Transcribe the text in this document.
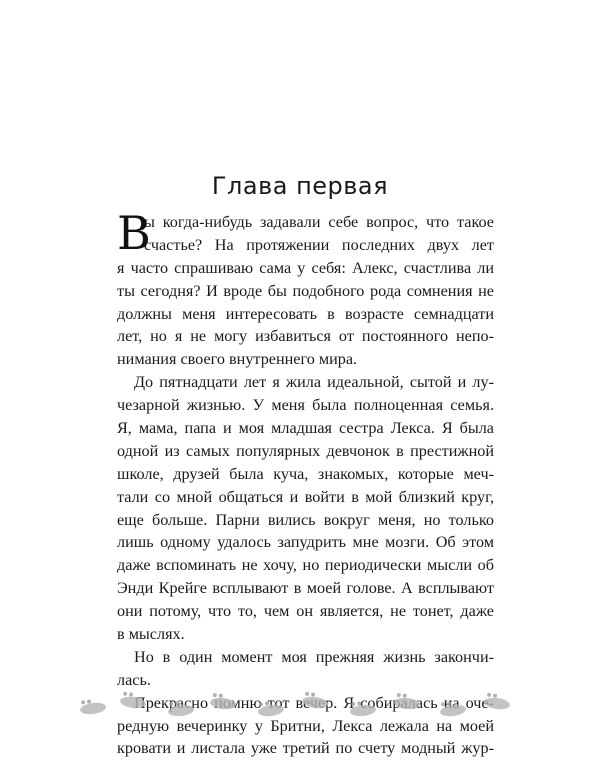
Глава первая
В
ы когда-нибудь задавали себе вопрос, что такое
счастье? На протяжении последних двух лет
я часто спрашиваю сама у себя: Алекс, счастлива ли
ты сегодня? И вроде бы подобного рода сомнения не
должны меня интересовать в возрасте семнадцати
лет, но я не могу избавиться от постоянного непо-
нимания своего внутреннего мира.
До пятнадцати лет я жила идеальной, сытой и лу-
чезарной жизнью. У меня была полноценная семья.
Я, мама, папа и моя младшая сестра Лекса. Я была
одной из самых популярных девчонок в престижной
школе, друзей была куча, знакомых, которые меч-
тали со мной общаться и войти в мой близкий круг,
еще больше. Парни вились вокруг меня, но только
лишь одному удалось запудрить мне мозги. Об этом
даже вспоминать не хочу, но периодически мысли об
Энди Крейге всплывают в моей голове. А всплывают
они потому, что то, чем он является, не тонет, даже
в мыслях.
Но в один момент моя прежняя жизнь закончи-
лась.
помню тот Я на оче-
редную вечеринку у Бритни, Лекса лежала на моей
кровати и листала уже третий по счету модный жур-
